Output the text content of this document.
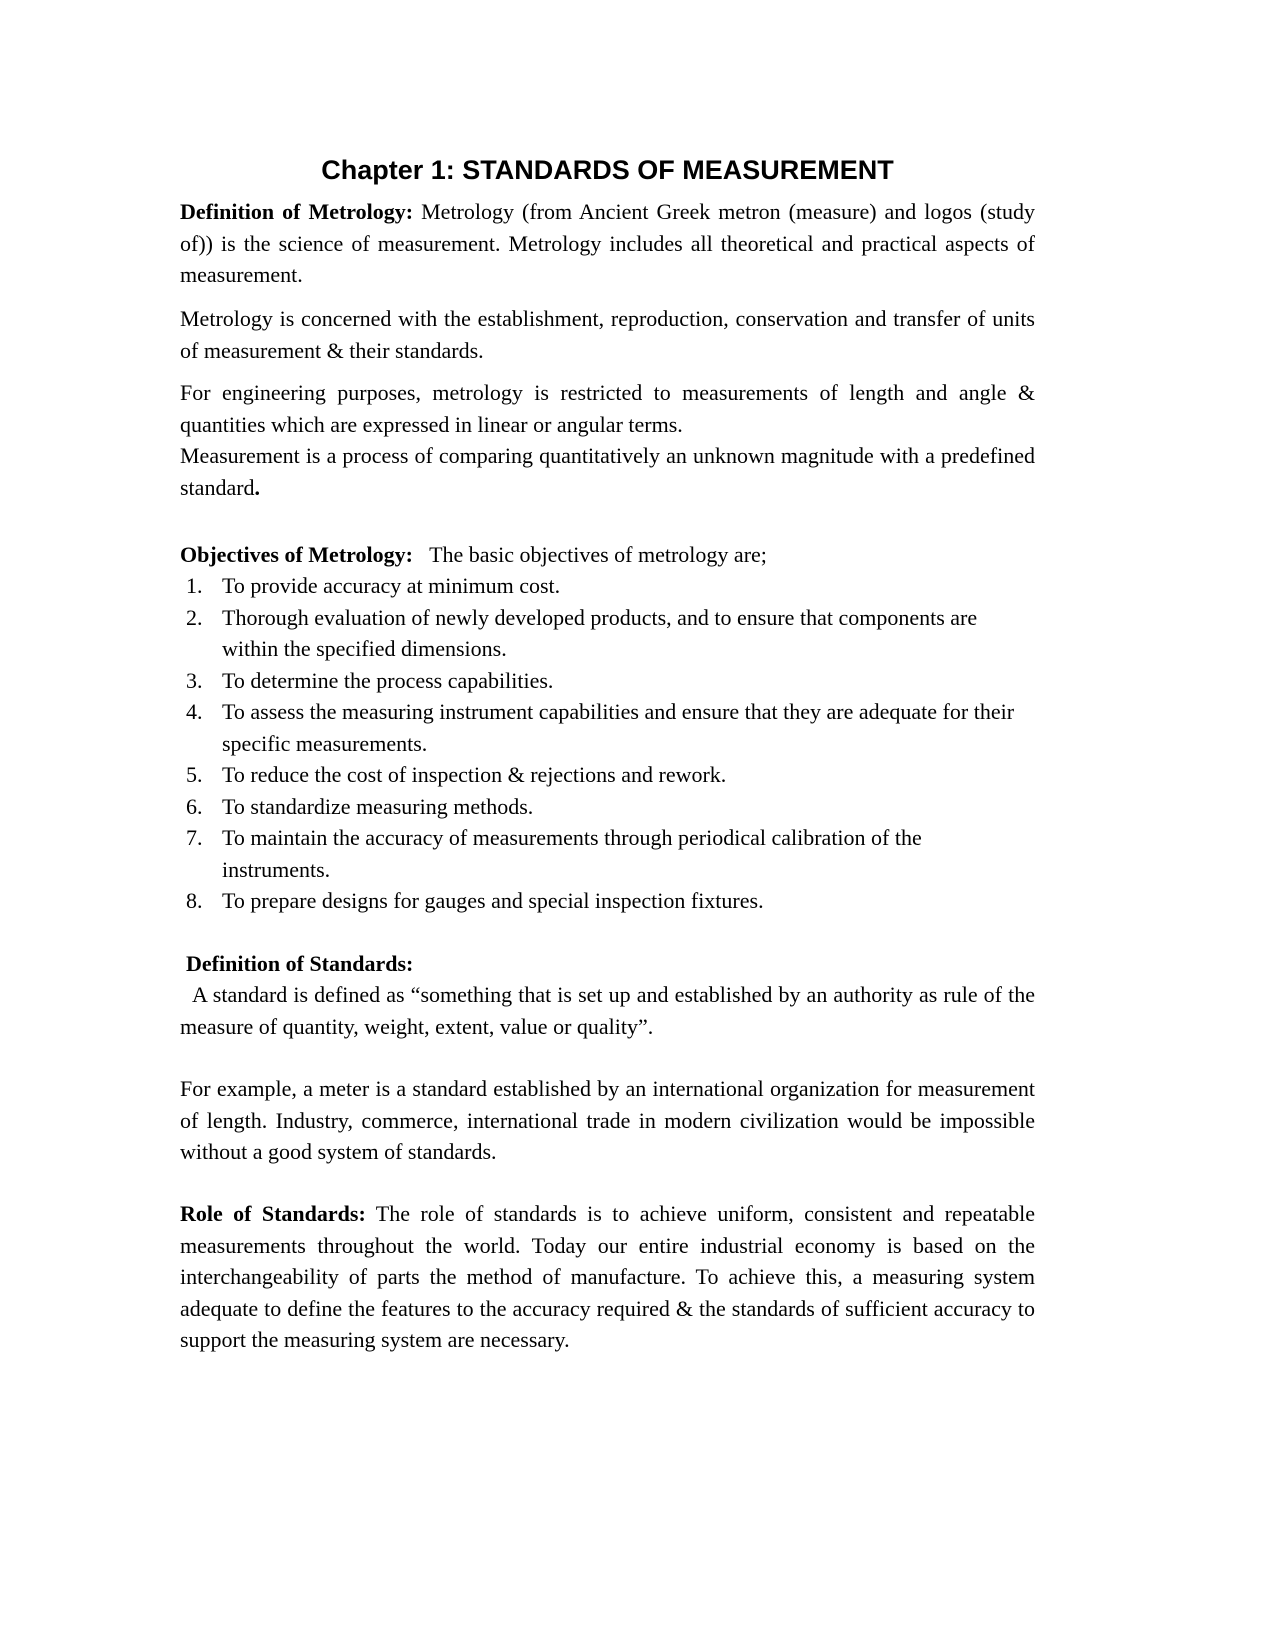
Chapter 1: STANDARDS OF MEASUREMENT

Definition of Metrology: Metrology (from Ancient Greek metron (measure) and logos (study of)) is the science of measurement. Metrology includes all theoretical and practical aspects of measurement.

Metrology is concerned with the establishment, reproduction, conservation and transfer of units of measurement & their standards.

For engineering purposes, metrology is restricted to measurements of length and angle & quantities which are expressed in linear or angular terms.

Measurement is a process of comparing quantitatively an unknown magnitude with a predefined standard.

Objectives of Metrology:   The basic objectives of metrology are;

1. To provide accuracy at minimum cost.
2. Thorough evaluation of newly developed products, and to ensure that components are within the specified dimensions.
3. To determine the process capabilities.
4. To assess the measuring instrument capabilities and ensure that they are adequate for their specific measurements.
5. To reduce the cost of inspection & rejections and rework.
6. To standardize measuring methods.
7. To maintain the accuracy of measurements through periodical calibration of the instruments.
8. To prepare designs for gauges and special inspection fixtures.

Definition of Standards:

A standard is defined as “something that is set up and established by an authority as rule of the measure of quantity, weight, extent, value or quality”.

For example, a meter is a standard established by an international organization for measurement of length. Industry, commerce, international trade in modern civilization would be impossible without a good system of standards.

Role of Standards: The role of standards is to achieve uniform, consistent and repeatable measurements throughout the world. Today our entire industrial economy is based on the interchangeability of parts the method of manufacture. To achieve this, a measuring system adequate to define the features to the accuracy required & the standards of sufficient accuracy to support the measuring system are necessary.
